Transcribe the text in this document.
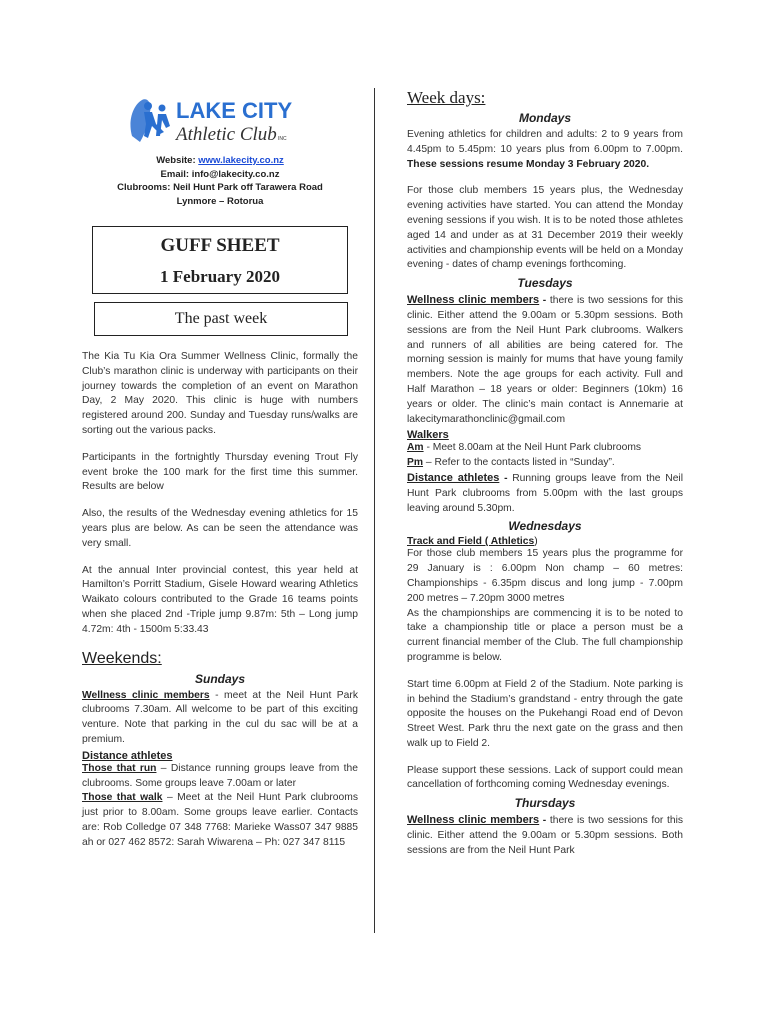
LAKE CITY
Athletic Club INC
Website: www.lakecity.co.nz
Email: info@lakecity.co.nz
Clubrooms: Neil Hunt Park off Tarawera Road
Lynmore – Rotorua
GUFF SHEET
1 February 2020
The past week

The Kia Tu Kia Ora Summer Wellness Clinic, formally the Club’s marathon clinic is underway with participants on their journey towards the completion of an event on Marathon Day, 2 May 2020. This clinic is huge with numbers registered around 200. Sunday and Tuesday runs/walks are sorting out the various packs.

Participants in the fortnightly Thursday evening Trout Fly event broke the 100 mark for the first time this summer. Results are below

Also, the results of the Wednesday evening athletics for 15 years plus are below. As can be seen the attendance was very small.

At the annual Inter provincial contest, this year held at Hamilton’s Porritt Stadium, Gisele Howard wearing Athletics Waikato colours contributed to the Grade 16 teams points when she placed 2nd -Triple jump 9.87m: 5th – Long jump 4.72m: 4th - 1500m 5:33.43

Weekends:
Sundays

Wellness clinic members - meet at the Neil Hunt Park clubrooms 7.30am. All welcome to be part of this exciting venture. Note that parking in the cul du sac will be at a premium.

Distance athletes

Those that run – Distance running groups leave from the clubrooms. Some groups leave 7.00am or later

Those that walk – Meet at the Neil Hunt Park clubrooms just prior to 8.00am. Some groups leave earlier. Contacts are: Rob Colledge 07 348 7768: Marieke Wass07 347 9885 ah or 027 462 8572: Sarah Wiwarena – Ph: 027 347 8115

Week days:
Mondays

Evening athletics for children and adults: 2 to 9 years from 4.45pm to 5.45pm: 10 years plus from 6.00pm to 7.00pm. These sessions resume Monday 3 February 2020.

For those club members 15 years plus, the Wednesday evening activities have started. You can attend the Monday evening sessions if you wish. It is to be noted those athletes aged 14 and under as at 31 December 2019 their weekly activities and championship events will be held on a Monday evening - dates of champ evenings forthcoming.

Tuesdays

Wellness clinic members - there is two sessions for this clinic. Either attend the 9.00am or 5.30pm sessions. Both sessions are from the Neil Hunt Park clubrooms. Walkers and runners of all abilities are being catered for. The morning session is mainly for mums that have young family members. Note the age groups for each activity. Full and Half Marathon – 18 years or older: Beginners (10km) 16 years or older. The clinic’s main contact is Annemarie at lakecitymarathonclinic@gmail.com

Walkers

Am - Meet 8.00am at the Neil Hunt Park clubrooms

Pm – Refer to the contacts listed in “Sunday”.

Distance athletes - Running groups leave from the Neil Hunt Park clubrooms from 5.00pm with the last groups leaving around 5.30pm.

Wednesdays
Track and Field ( Athletics)

For those club members 15 years plus the programme for 29 January is : 6.00pm Non champ – 60 metres: Championships - 6.35pm discus and long jump - 7.00pm 200 metres – 7.20pm 3000 metres

As the championships are commencing it is to be noted to take a championship title or place a person must be a current financial member of the Club. The full championship programme is below.

Start time 6.00pm at Field 2 of the Stadium. Note parking is in behind the Stadium’s grandstand - entry through the gate opposite the houses on the Pukehangi Road end of Devon Street West. Park thru the next gate on the grass and then walk up to Field 2.

Please support these sessions. Lack of support could mean cancellation of forthcoming coming Wednesday evenings.

Thursdays

Wellness clinic members - there is two sessions for this clinic. Either attend the 9.00am or 5.30pm sessions. Both sessions are from the Neil Hunt Park
